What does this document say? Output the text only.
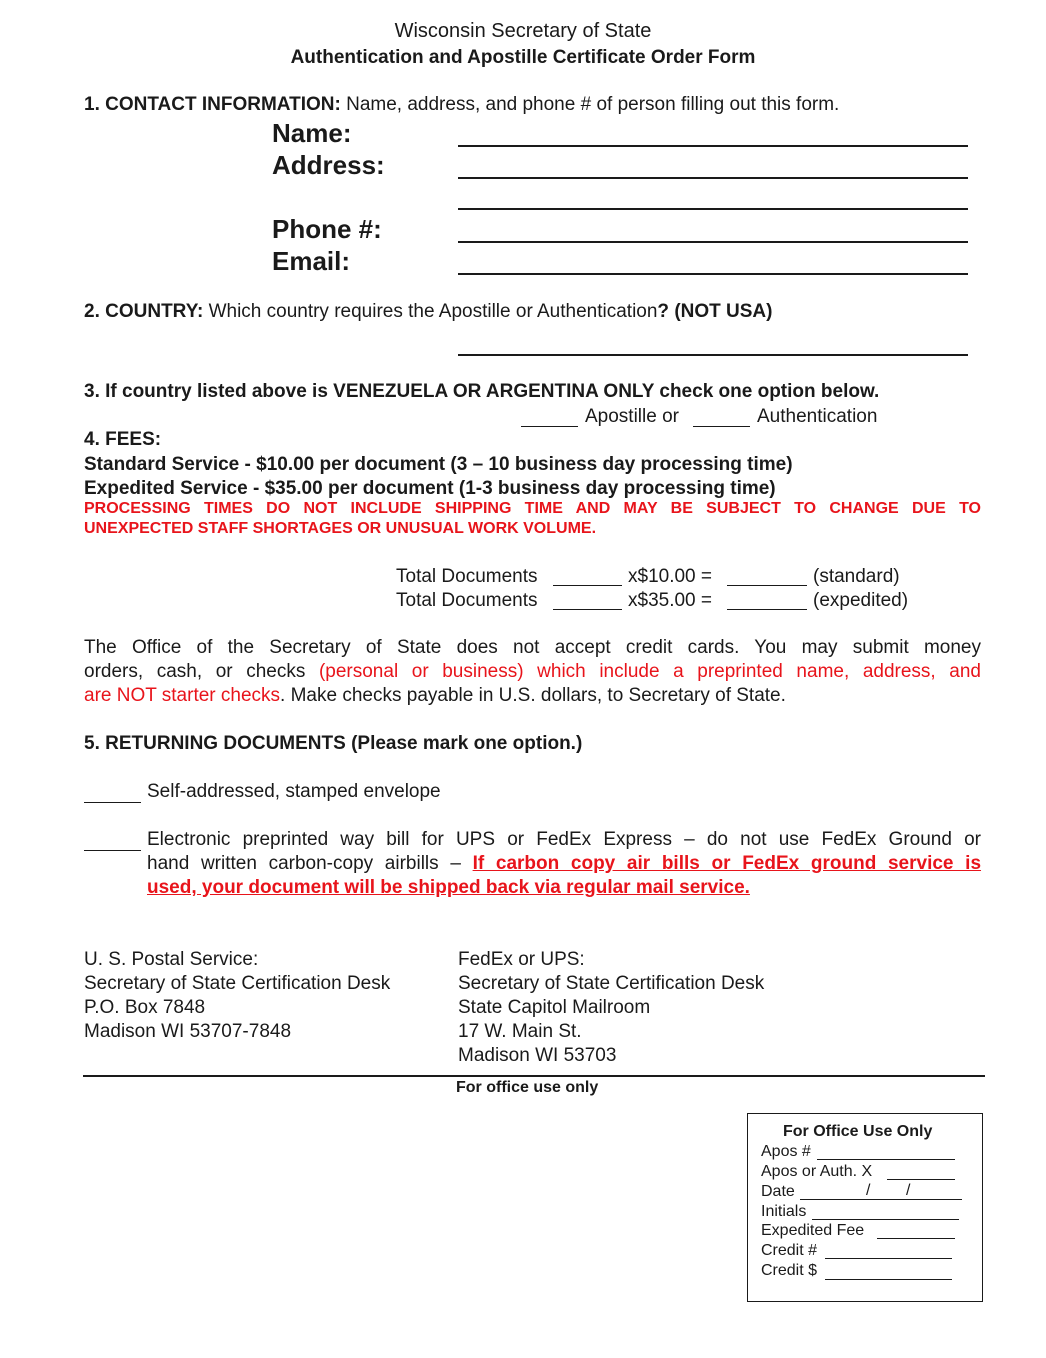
Wisconsin Secretary of State
Authentication and Apostille Certificate Order Form
1. CONTACT INFORMATION: Name, address, and phone # of person filling out this form.
Name:
Address:
Phone #:
Email:
2. COUNTRY: Which country requires the Apostille or Authentication? (NOT USA)
3. If country listed above is VENEZUELA OR ARGENTINA ONLY check one option below.
Apostille or	Authentication
4. FEES:
Standard Service - $10.00 per document (3 – 10 business day processing time)
Expedited Service - $35.00 per document (1-3 business day processing time)
PROCESSING TIMES DO NOT INCLUDE SHIPPING TIME AND MAY BE SUBJECT TO CHANGE DUE TO
UNEXPECTED STAFF SHORTAGES OR UNUSUAL WORK VOLUME.
Total Documents	x$10.00 =	(standard)
Total Documents	x$35.00 =	(expedited)
The Office of the Secretary of State does not accept credit cards. You may submit money
orders, cash, or checks (personal or business) which include a preprinted name, address, and
are NOT starter checks. Make checks payable in U.S. dollars, to Secretary of State.
5. RETURNING DOCUMENTS (Please mark one option.)
Self-addressed, stamped envelope
Electronic preprinted way bill for UPS or FedEx Express – do not use FedEx Ground or
hand written carbon-copy airbills – If carbon copy air bills or FedEx ground service is
used, your document will be shipped back via regular mail service.
U. S. Postal Service:
Secretary of State Certification Desk
P.O. Box 7848
Madison WI 53707-7848
FedEx or UPS:
Secretary of State Certification Desk
State Capitol Mailroom
17 W. Main St.
Madison WI 53703
For office use only
For Office Use Only
Apos #
Apos or Auth. X
Date	/ /
Initials
Expedited Fee
Credit #
Credit $
